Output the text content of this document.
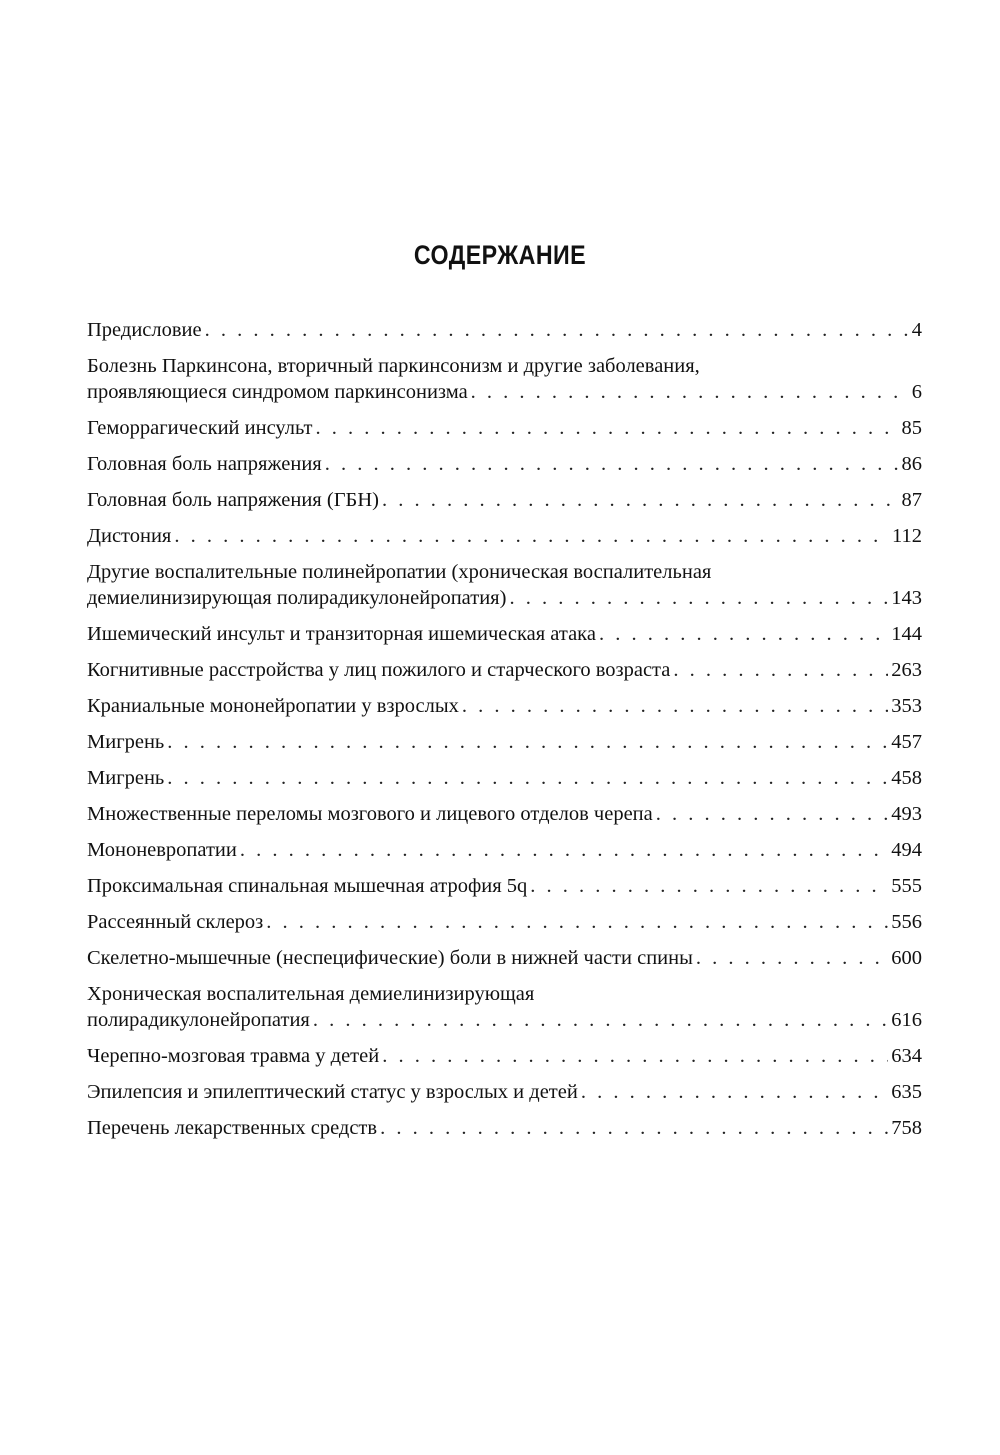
СОДЕРЖАНИЕ
Предисловие . . .	4
Болезнь Паркинсона, вторичный паркинсонизм и другие заболевания,
проявляющиеся синдромом паркинсонизма . . .	6
Геморрагический инсульт . . .	85
Головная боль напряжения . . .	86
Головная боль напряжения (ГБН) . . .	87
Дистония . . .	112
Другие воспалительные полинейропатии (хроническая воспалительная
демиелинизирующая полирадикулонейропатия) . . .	143
Ишемический инсульт и транзиторная ишемическая атака . . .	144
Когнитивные расстройства у лиц пожилого и старческого возраста . . .	263
Краниальные мононейропатии у взрослых . . .	353
Мигрень . . .	457
Мигрень . . .	458
Множественные переломы мозгового и лицевого отделов черепа . . .	493
Мононевропатии . . .	494
Проксимальная спинальная мышечная атрофия 5q . . .	555
Рассеянный склероз . . .	556
Скелетно-мышечные (неспецифические) боли в нижней части спины . . .	600
Хроническая воспалительная демиелинизирующая
полирадикулонейропатия . . .	616
Черепно-мозговая травма у детей . . .	634
Эпилепсия и эпилептический статус у взрослых и детей . . .	635
Перечень лекарственных средств . . .	758
